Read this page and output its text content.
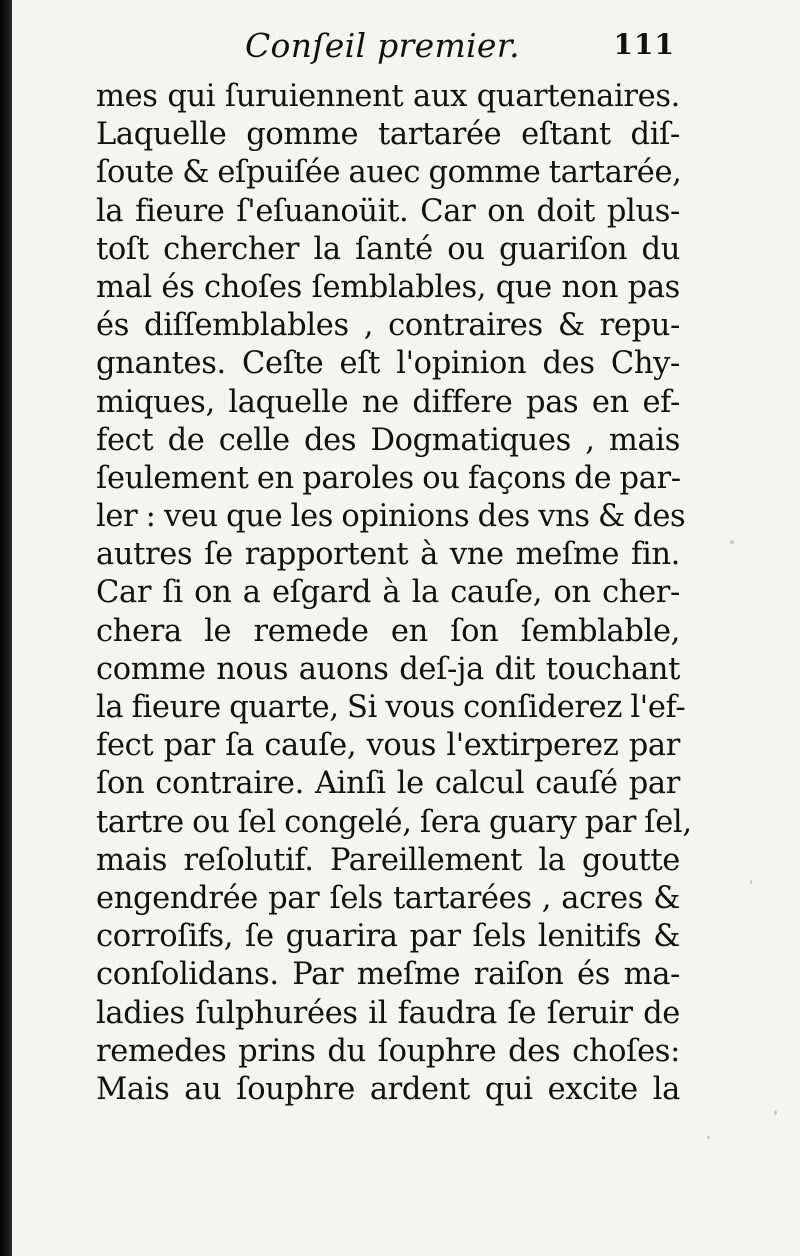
Conſeil premier.	111
mes qui ſuruiennent aux quartenaires.
Laquelle gomme tartarée eſtant diſ-
ſoute & eſpuiſée auec gomme tartarée,
la fieure ſ'eſuanoüit. Car on doit plus-
toſt chercher la ſanté ou guariſon du
mal és choſes ſemblables, que non pas
és diſſemblables , contraires & repu-
gnantes. Ceſte eſt l'opinion des Chy-
miques, laquelle ne differe pas en ef-
fect de celle des Dogmatiques , mais
ſeulement en paroles ou façons de par-
ler : veu que les opinions des vns & des
autres ſe rapportent à vne meſme fin.
Car ſi on a eſgard à la cauſe, on cher-
chera le remede en ſon ſemblable,
comme nous auons deſ-ja dit touchant
la fieure quarte, Si vous conſiderez l'ef-
fect par ſa cauſe, vous l'extirperez par
ſon contraire. Ainſi le calcul cauſé par
tartre ou ſel congelé, ſera guary par ſel,
mais reſolutif. Pareillement la goutte
engendrée par ſels tartarées , acres &
corroſifs, ſe guarira par ſels lenitifs &
conſolidans. Par meſme raiſon és ma-
ladies ſulphurées il faudra ſe ſeruir de
remedes prins du ſouphre des choſes:
Mais au ſouphre ardent qui excite la
